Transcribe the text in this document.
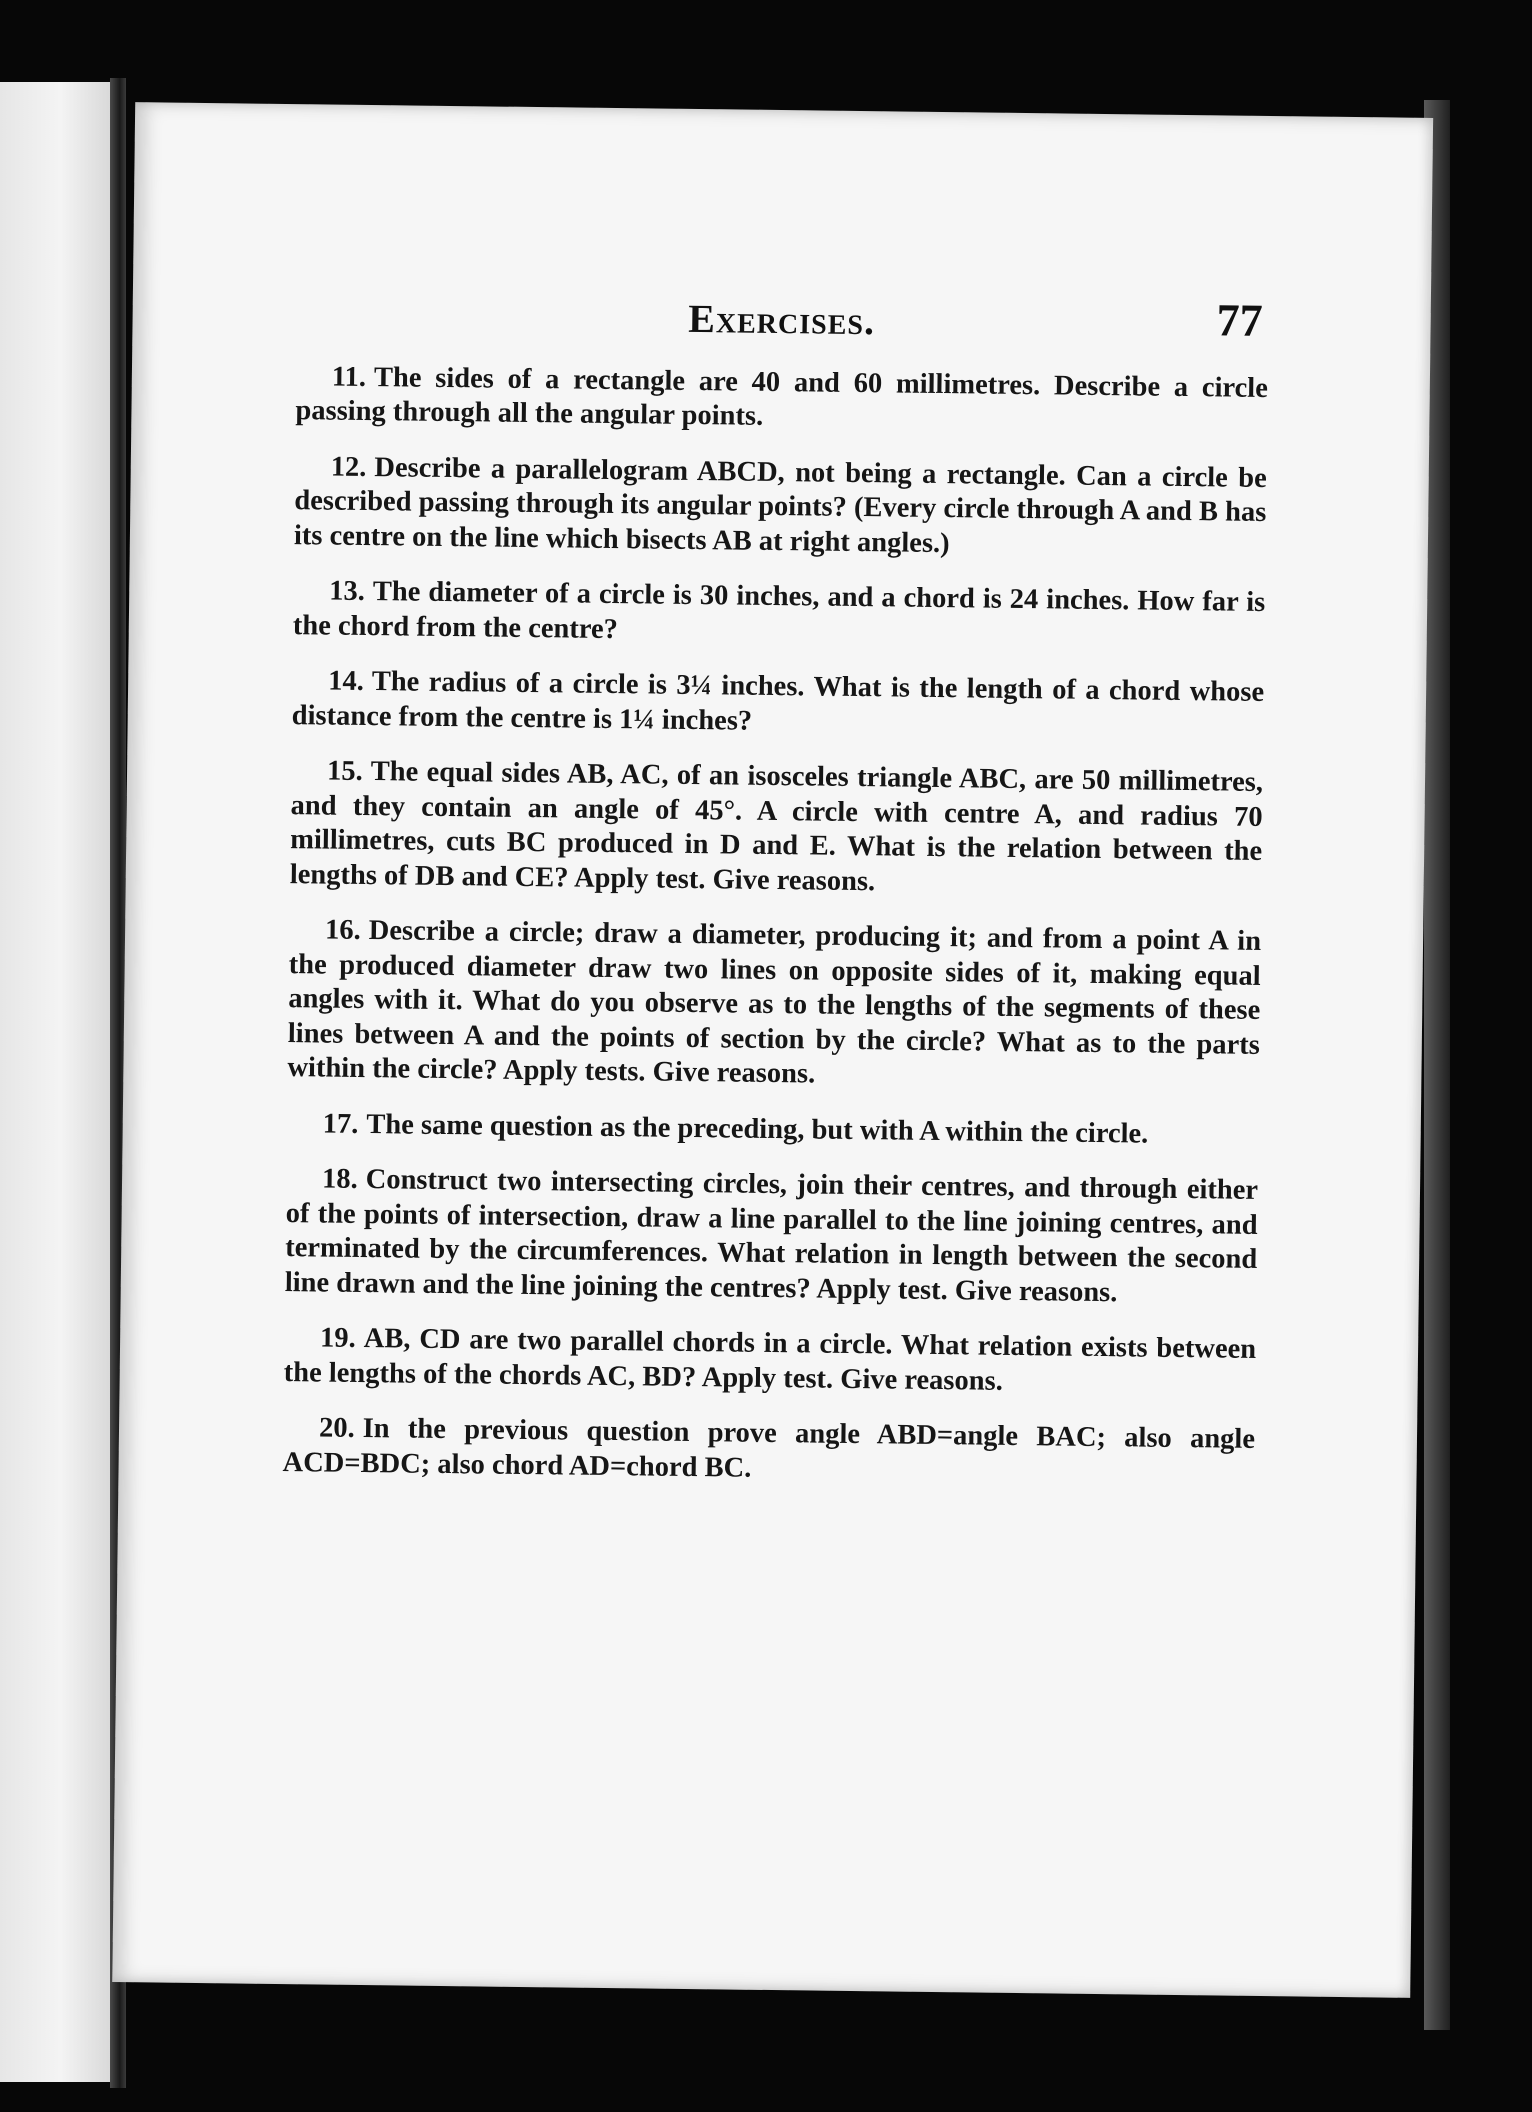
Exercises.	77

11. The sides of a rectangle are 40 and 60 millimetres. Describe a circle passing through all the angular points.

12. Describe a parallelogram ABCD, not being a rectangle. Can a circle be described passing through its angular points? (Every circle through A and B has its centre on the line which bisects AB at right angles.)

13. The diameter of a circle is 30 inches, and a chord is 24 inches. How far is the chord from the centre?

14. The radius of a circle is 3¼ inches. What is the length of a chord whose distance from the centre is 1¼ inches?

15. The equal sides AB, AC, of an isosceles triangle ABC, are 50 millimetres, and they contain an angle of 45°. A circle with centre A, and radius 70 millimetres, cuts BC produced in D and E. What is the relation between the lengths of DB and CE? Apply test. Give reasons.

16. Describe a circle; draw a diameter, producing it; and from a point A in the produced diameter draw two lines on opposite sides of it, making equal angles with it. What do you observe as to the lengths of the segments of these lines between A and the points of section by the circle? What as to the parts within the circle? Apply tests. Give reasons.

17. The same question as the preceding, but with A within the circle.

18. Construct two intersecting circles, join their centres, and through either of the points of intersection, draw a line parallel to the line joining centres, and terminated by the circumferences. What relation in length between the second line drawn and the line joining the centres? Apply test. Give reasons.

19. AB, CD are two parallel chords in a circle. What relation exists between the lengths of the chords AC, BD? Apply test. Give reasons.

20. In the previous question prove angle ABD=angle BAC; also angle ACD=BDC; also chord AD=chord BC.
